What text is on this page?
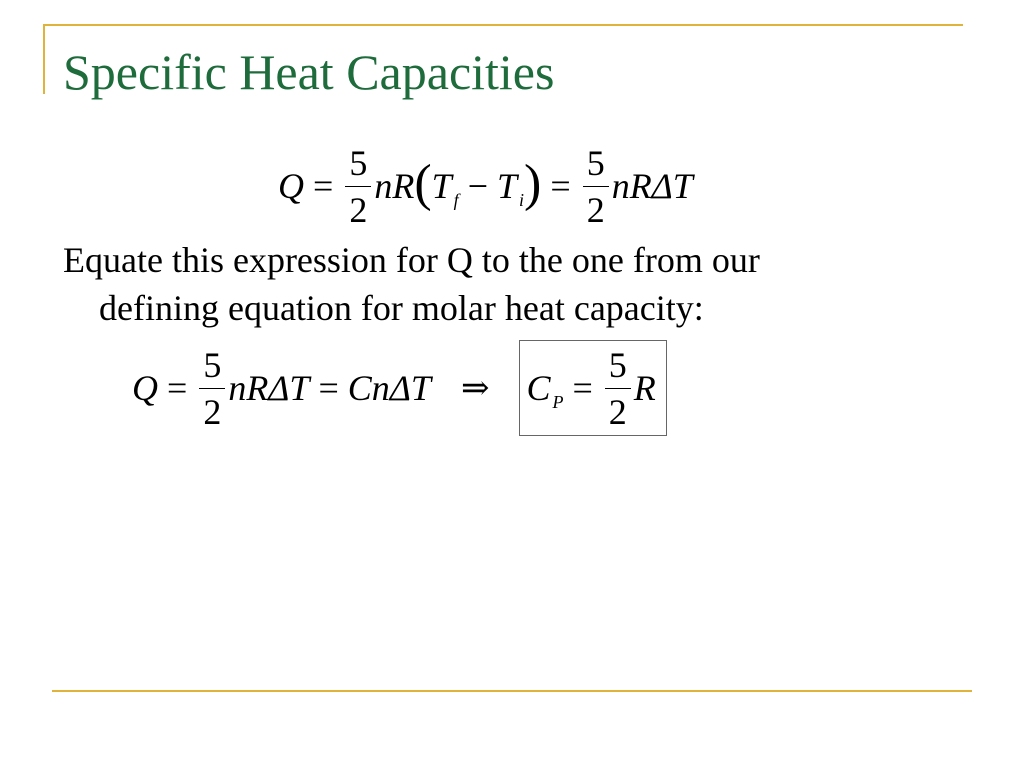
Specific Heat Capacities
$Q = \frac{5}{2}$ nR ( T f − T i ) = $\frac{5}{2}$ nRΔT

Equate this expression for Q to the one from our
defining equation for molar heat capacity:

$Q = \frac{5}{2}$ nRΔT = CnΔT ⇒ C $P = \frac{5}{2}$ R
